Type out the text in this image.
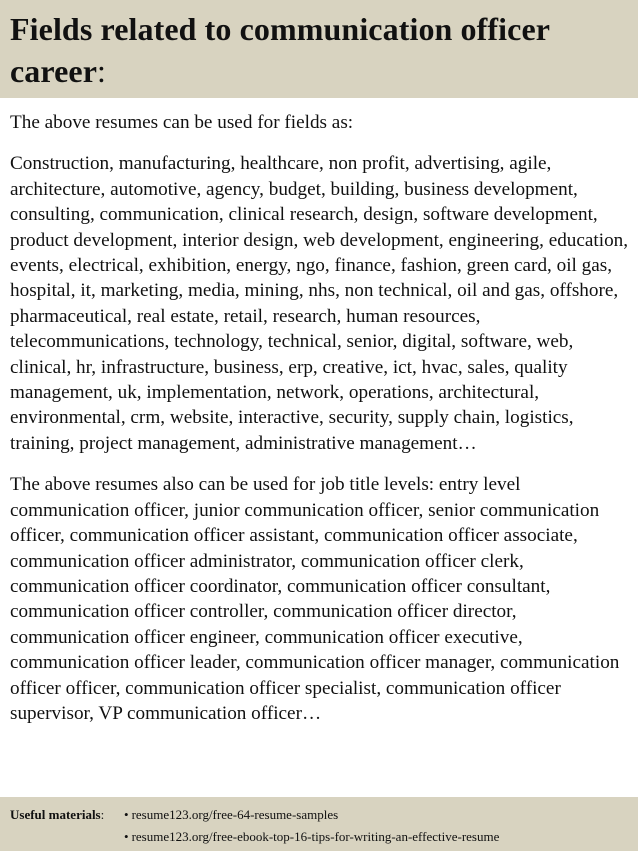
Fields related to communication officer career:

The above resumes can be used for fields as:

Construction, manufacturing, healthcare, non profit, advertising, agile, architecture, automotive, agency, budget, building, business development, consulting, communication, clinical research, design, software development, product development, interior design, web development, engineering, education, events, electrical, exhibition, energy, ngo, finance, fashion, green card, oil gas, hospital, it, marketing, media, mining, nhs, non technical, oil and gas, offshore, pharmaceutical, real estate, retail, research, human resources, telecommunications, technology, technical, senior, digital, software, web, clinical, hr, infrastructure, business, erp, creative, ict, hvac, sales, quality management, uk, implementation, network, operations, architectural, environmental, crm, website, interactive, security, supply chain, logistics, training, project management, administrative management…

The above resumes also can be used for job title levels: entry level communication officer, junior communication officer, senior communication officer, communication officer assistant, communication officer associate, communication officer administrator, communication officer clerk, communication officer coordinator, communication officer consultant, communication officer controller, communication officer director, communication officer engineer, communication officer executive, communication officer leader, communication officer manager, communication officer officer, communication officer specialist, communication officer supervisor, VP communication officer…

Useful materials:	• resume123.org/free-64-resume-samples
• resume123.org/free-ebook-top-16-tips-for-writing-an-effective-resume
